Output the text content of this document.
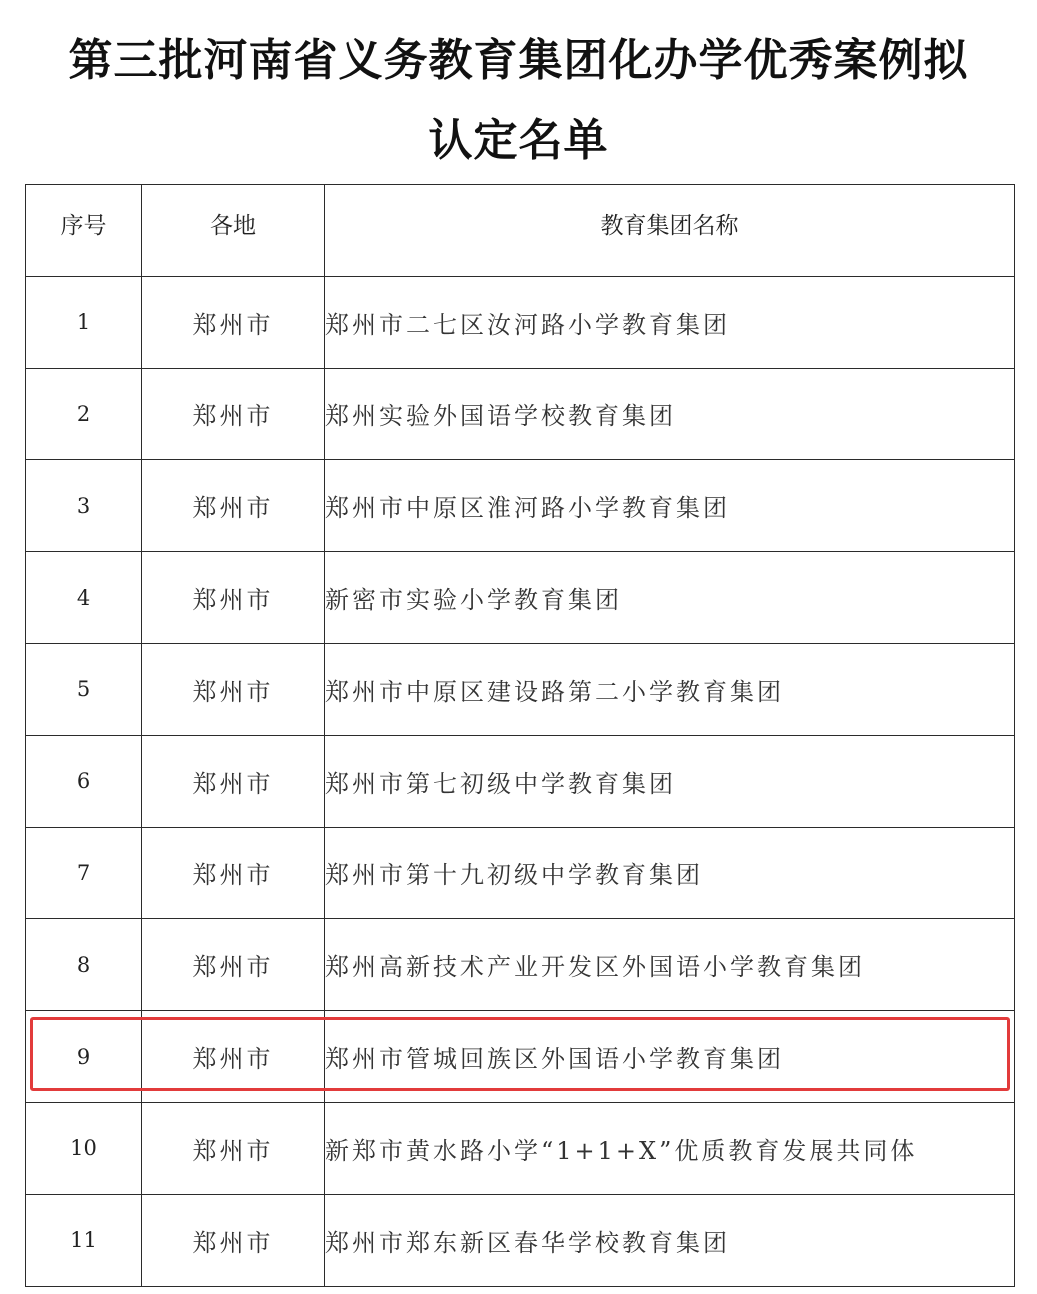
第三批河南省义务教育集团化办学优秀案例拟
认定名单
序号	各地	教育集团名称
1	郑州市	郑州市二七区汝河路小学教育集团
2	郑州市	郑州实验外国语学校教育集团
3	郑州市	郑州市中原区淮河路小学教育集团
4	郑州市	新密市实验小学教育集团
5	郑州市	郑州市中原区建设路第二小学教育集团
6	郑州市	郑州市第七初级中学教育集团
7	郑州市	郑州市第十九初级中学教育集团
8	郑州市	郑州高新技术产业开发区外国语小学教育集团
9	郑州市	郑州市管城回族区外国语小学教育集团
10	郑州市	新郑市黄水路小学“1+1+X”优质教育发展共同体
11	郑州市	郑州市郑东新区春华学校教育集团
